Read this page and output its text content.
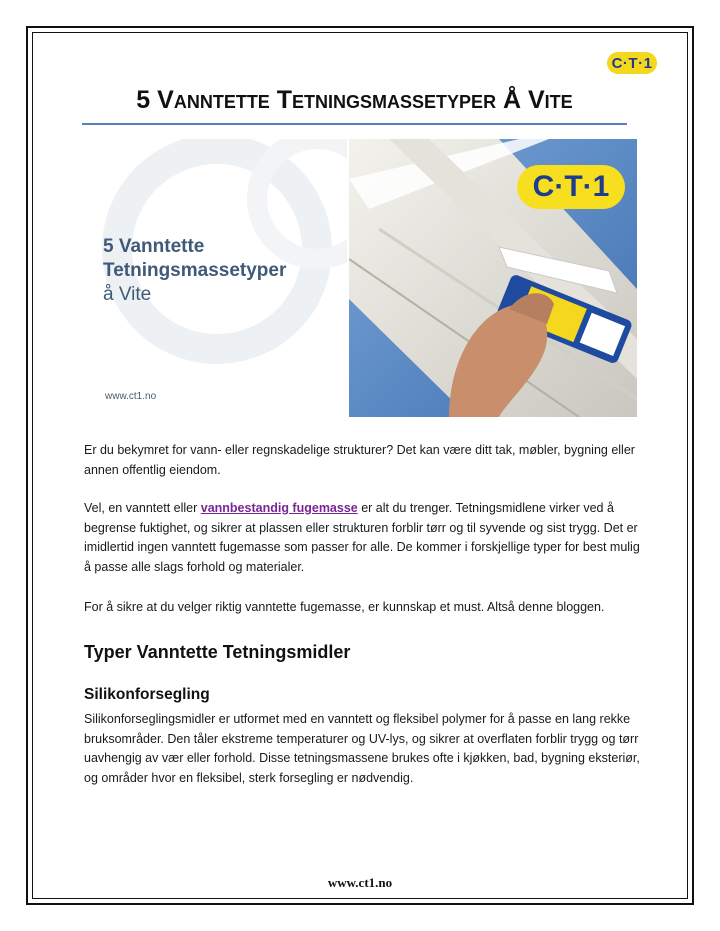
C·T·1
5 Vanntette Tetningsmassetyper Å Vite
5 Vanntette
Tetningsmassetyper
å Vite
www.ct1.no
C·T·1

Er du bekymret for vann- eller regnskadelige strukturer? Det kan være ditt tak, møbler, bygning eller annen offentlig eiendom.

Vel, en vanntett eller vannbestandig fugemasse er alt du trenger. Tetningsmidlene virker ved å begrense fuktighet, og sikrer at plassen eller strukturen forblir tørr og til syvende og sist trygg. Det er imidlertid ingen vanntett fugemasse som passer for alle. De kommer i forskjellige typer for best mulig å passe alle slags forhold og materialer.

For å sikre at du velger riktig vanntette fugemasse, er kunnskap et must. Altså denne bloggen.

Typer Vanntette Tetningsmidler
Silikonforsegling

Silikonforseglingsmidler er utformet med en vanntett og fleksibel polymer for å passe en lang rekke bruksområder. Den tåler ekstreme temperaturer og UV-lys, og sikrer at overflaten forblir trygg og tørr uavhengig av vær eller forhold. Disse tetningsmassene brukes ofte i kjøkken, bad, bygning eksteriør, og områder hvor en fleksibel, sterk forsegling er nødvendig.

www.ct1.no
